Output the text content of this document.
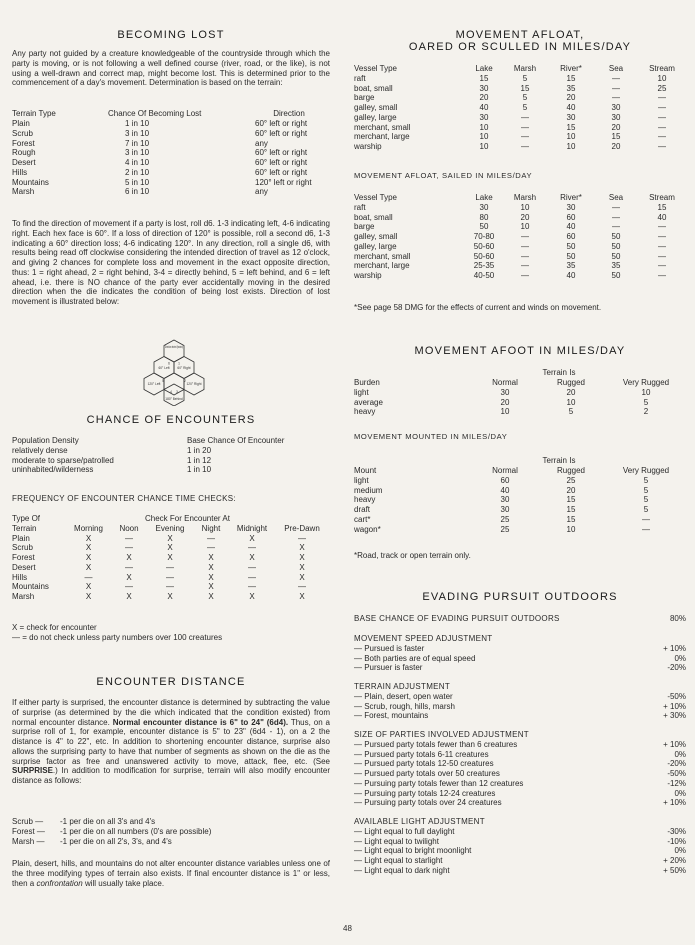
BECOMING LOST

Any party not guided by a creature knowledgeable of the countryside through which the party is moving, or is not following a well defined course (river, road, or the like), is not using a well-drawn and correct map, might become lost. This is determined prior to the commencement of a day's movement. Determination is based on the terrain:

Terrain Type	Chance Of Becoming Lost	Direction
Plain	1 in 10	60° left or right
Scrub	3 in 10	60° left or right
Forest	7 in 10	any
Rough	3 in 10	60° left or right
Desert	4 in 10	60° left or right
Hills	2 in 10	60° left or right
Mountains	5 in 10	120° left or right
Marsh	6 in 10	any

To find the direction of movement if a party is lost, roll d6. 1-3 indicating left, 4-6 indicating right. Each hex face is 60°. If a loss of direction of 120° is possible, roll a second d6, 1-3 indicating a 60° direction loss; 4-6 indicating 120°. In any direction, roll a single d6, with results being read off clockwise considering the intended direction of travel as 12 o'clock, and giving 2 chances for complete loss and movement in the exact opposite direction, thus: 1 = right ahead, 2 = right behind, 3-4 = directly behind, 5 = left behind, and 6 = left ahead, i.e. there is NO chance of the party ever accidentally moving in the desired direction when the die indicates the condition of being lost exists. Direction of lost movement is illustrated below:

Direction desired (forward)
60° Left 60° Right
120° Left	120° Right
180° Behind
6	1
5	2
4 3
CHANCE OF ENCOUNTERS
Population Density	Base Chance Of Encounter
relatively dense	1 in 20
moderate to sparse/patrolled	1 in 12
uninhabited/wilderness	1 in 10
FREQUENCY OF ENCOUNTER CHANCE TIME CHECKS:
Type Of	Check For Encounter At					
Terrain	Morning	Noon	Evening	Night	Midnight	Pre-Dawn
Plain	X	—	X	—	X	—
Scrub	X	—	X	—	—	X
Forest	X	X	X	X	X	X
Desert	X	—	—	X	—	X
Hills	—	X	—	X	—	X
Mountains	X	—	—	X	—	—
Marsh	X	X	X	X	X	X
X = check for encounter
— = do not check unless party numbers over 100 creatures
ENCOUNTER DISTANCE

If either party is surprised, the encounter distance is determined by subtracting the value of surprise (as determined by the die which indicated that the condition existed) from normal encounter distance. Normal encounter distance is 6" to 24" (6d4). Thus, on a surprise roll of 1, for example, encounter distance is 5" to 23" (6d4 - 1), on a 2 the distance is 4" to 22", etc. In addition to shortening encounter distance, surprise also allows the surprising party to have that number of segments as shown on the die as the surprise factor as free and unanswered activity to move, attack, flee, etc. (See SURPRISE.) In addition to modification for surprise, terrain will also modify encounter distance as follows:

Scrub —	-1 per die on all 3's and 4's
Forest —	-1 per die on all numbers (0's are possible)
Marsh —	-1 per die on all 2's, 3's, and 4's

Plain, desert, hills, and mountains do not alter encounter distance variables unless one of the three modifying types of terrain also exists. If final encounter distance is 1" or less, then a confrontation will usually take place.

MOVEMENT AFLOAT,
OARED OR SCULLED IN MILES/DAY
Vessel Type	Lake	Marsh	River*	Sea	Stream
raft	15	5	15	—	10
boat, small	30	15	35	—	25
barge	20	5	20	—	—
galley, small	40	5	40	30	—
galley, large	30	—	30	30	—
merchant, small	10	—	15	20	—
merchant, large	10	—	10	15	—
warship	10	—	10	20	—
MOVEMENT AFLOAT, SAILED IN MILES/DAY
Vessel Type	Lake	Marsh	River*	Sea	Stream
raft	30	10	30	—	15
boat, small	80	20	60	—	40
barge	50	10	40	—	—
galley, small	70-80	—	60	50	—
galley, large	50-60	—	50	50	—
merchant, small	50-60	—	50	50	—
merchant, large	25-35	—	35	35	—
warship	40-50	—	40	50	—
*See page 58 DMG for the effects of current and winds on movement.
MOVEMENT AFOOT IN MILES/DAY
Terrain Is
Burden	Normal	Rugged	Very Rugged
light	30	20	10
average	20	10	5
heavy	10	5	2
MOVEMENT MOUNTED IN MILES/DAY
Terrain Is
Mount	Normal	Rugged	Very Rugged
light	60	25	5
medium	40	20	5
heavy	30	15	5
draft	30	15	5
cart*	25	15	—
wagon*	25	10	—
*Road, track or open terrain only.
EVADING PURSUIT OUTDOORS
BASE CHANCE OF EVADING PURSUIT OUTDOORS	80%
MOVEMENT SPEED ADJUSTMENT
— Pursued is faster	+ 10%
— Both parties are of equal speed	0%
— Pursuer is faster	-20%
TERRAIN ADJUSTMENT
— Plain, desert, open water	-50%
— Scrub, rough, hills, marsh	+ 10%
— Forest, mountains	+ 30%
SIZE OF PARTIES INVOLVED ADJUSTMENT
— Pursued party totals fewer than 6 creatures	+ 10%
— Pursued party totals 6-11 creatures	0%
— Pursued party totals 12-50 creatures	-20%
— Pursued party totals over 50 creatures	-50%
— Pursuing party totals fewer than 12 creatures	-12%
— Pursuing party totals 12-24 creatures	0%
— Pursuing party totals over 24 creatures	+ 10%
AVAILABLE LIGHT ADJUSTMENT
— Light equal to full daylight	-30%
— Light equal to twilight	-10%
— Light equal to bright moonlight	0%
— Light equal to starlight	+ 20%
— Light equal to dark night	+ 50%
48
